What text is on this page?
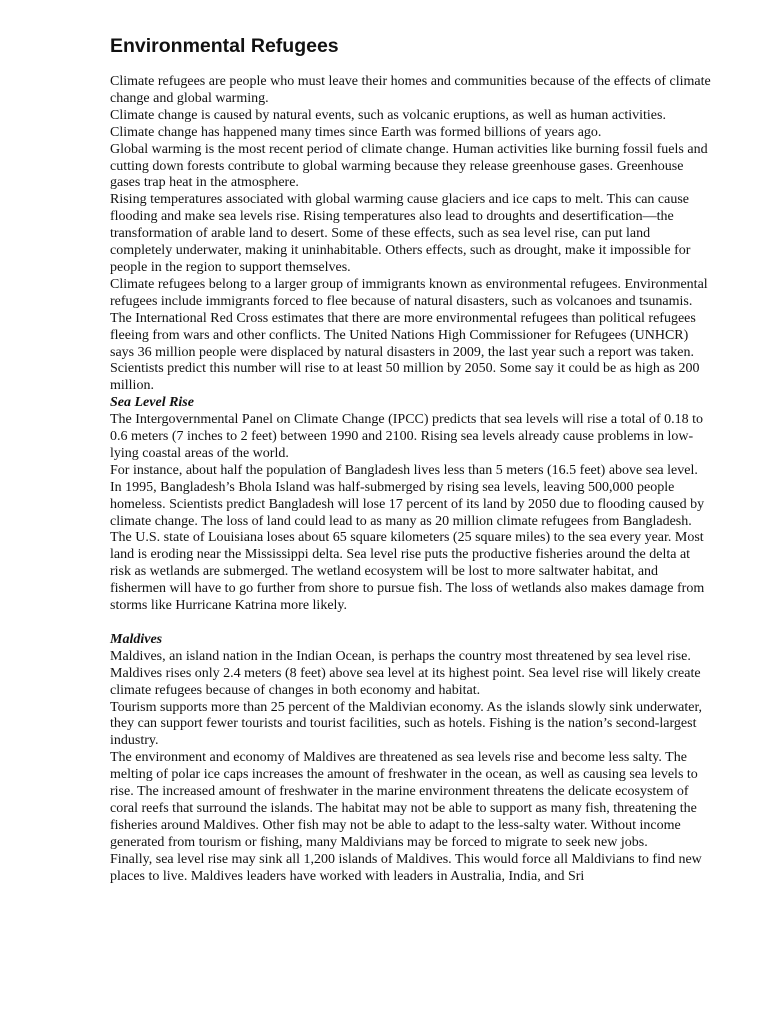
Environmental Refugees

Climate refugees are people who must leave their homes and communities because of the effects of climate change and global warming.

Climate change is caused by natural events, such as volcanic eruptions, as well as human activities. Climate change has happened many times since Earth was formed billions of years ago.

Global warming is the most recent period of climate change. Human activities like burning fossil fuels and cutting down forests contribute to global warming because they release greenhouse gases. Greenhouse gases trap heat in the atmosphere.

Rising temperatures associated with global warming cause glaciers and ice caps to melt. This can cause flooding and make sea levels rise. Rising temperatures also lead to droughts and desertification—the transformation of arable land to desert. Some of these effects, such as sea level rise, can put land completely underwater, making it uninhabitable. Others effects, such as drought, make it impossible for people in the region to support themselves.

Climate refugees belong to a larger group of immigrants known as environmental refugees. Environmental refugees include immigrants forced to flee because of natural disasters, such as volcanoes and tsunamis.

The International Red Cross estimates that there are more environmental refugees than political refugees fleeing from wars and other conflicts. The United Nations High Commissioner for Refugees (UNHCR) says 36 million people were displaced by natural disasters in 2009, the last year such a report was taken. Scientists predict this number will rise to at least 50 million by 2050. Some say it could be as high as 200 million.

Sea Level Rise

The Intergovernmental Panel on Climate Change (IPCC) predicts that sea levels will rise a total of 0.18 to 0.6 meters (7 inches to 2 feet) between 1990 and 2100. Rising sea levels already cause problems in low-lying coastal areas of the world.

For instance, about half the population of Bangladesh lives less than 5 meters (16.5 feet) above sea level. In 1995, Bangladesh’s Bhola Island was half-submerged by rising sea levels, leaving 500,000 people homeless. Scientists predict Bangladesh will lose 17 percent of its land by 2050 due to flooding caused by climate change. The loss of land could lead to as many as 20 million climate refugees from Bangladesh.

The U.S. state of Louisiana loses about 65 square kilometers (25 square miles) to the sea every year. Most land is eroding near the Mississippi delta. Sea level rise puts the productive fisheries around the delta at risk as wetlands are submerged. The wetland ecosystem will be lost to more saltwater habitat, and fishermen will have to go further from shore to pursue fish. The loss of wetlands also makes damage from storms like Hurricane Katrina more likely.

Maldives

Maldives, an island nation in the Indian Ocean, is perhaps the country most threatened by sea level rise. Maldives rises only 2.4 meters (8 feet) above sea level at its highest point. Sea level rise will likely create climate refugees because of changes in both economy and habitat.

Tourism supports more than 25 percent of the Maldivian economy. As the islands slowly sink underwater, they can support fewer tourists and tourist facilities, such as hotels. Fishing is the nation’s second-largest industry.

The environment and economy of Maldives are threatened as sea levels rise and become less salty. The melting of polar ice caps increases the amount of freshwater in the ocean, as well as causing sea levels to rise. The increased amount of freshwater in the marine environment threatens the delicate ecosystem of coral reefs that surround the islands. The habitat may not be able to support as many fish, threatening the fisheries around Maldives. Other fish may not be able to adapt to the less-salty water. Without income generated from tourism or fishing, many Maldivians may be forced to migrate to seek new jobs.

Finally, sea level rise may sink all 1,200 islands of Maldives. This would force all Maldivians to find new places to live. Maldives leaders have worked with leaders in Australia, India, and Sri
